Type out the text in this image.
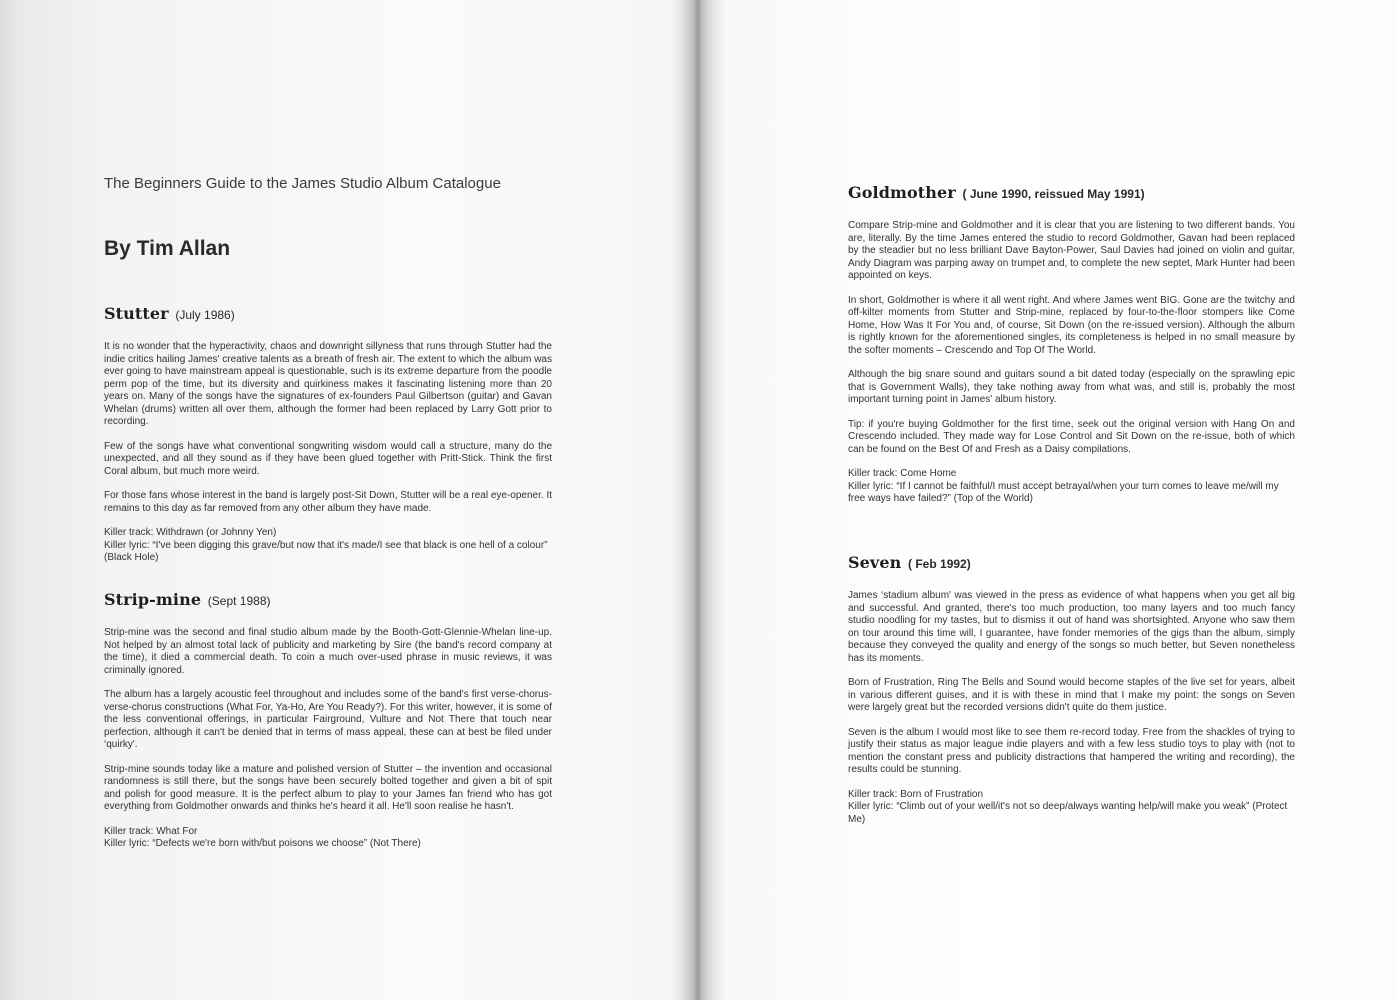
The Beginners Guide to the James Studio Album Catalogue
By Tim Allan
Stutter (July 1986)

It is no wonder that the hyperactivity, chaos and downright sillyness that runs through Stutter had the indie critics hailing James' creative talents as a breath of fresh air. The extent to which the album was ever going to have mainstream appeal is questionable, such is its extreme departure from the poodle perm pop of the time, but its diversity and quirkiness makes it fascinating listening more than 20 years on. Many of the songs have the signatures of ex-founders Paul Gilbertson (guitar) and Gavan Whelan (drums) written all over them, although the former had been replaced by Larry Gott prior to recording.

Few of the songs have what conventional songwriting wisdom would call a structure, many do the unexpected, and all they sound as if they have been glued together with Pritt-Stick. Think the first Coral album, but much more weird.

For those fans whose interest in the band is largely post-Sit Down, Stutter will be a real eye-opener. It remains to this day as far removed from any other album they have made.

Killer track: Withdrawn (or Johnny Yen)
Killer lyric: “I've been digging this grave/but now that it's made/I see that black is one hell of a colour” (Black Hole)

Strip-mine (Sept 1988)

Strip-mine was the second and final studio album made by the Booth-Gott-Glennie-Whelan line-up. Not helped by an almost total lack of publicity and marketing by Sire (the band's record company at the time), it died a commercial death. To coin a much over-used phrase in music reviews, it was criminally ignored.

The album has a largely acoustic feel throughout and includes some of the band's first verse-chorus-verse-chorus constructions (What For, Ya-Ho, Are You Ready?). For this writer, however, it is some of the less conventional offerings, in particular Fairground, Vulture and Not There that touch near perfection, although it can't be denied that in terms of mass appeal, these can at best be filed under ‘quirky'.

Strip-mine sounds today like a mature and polished version of Stutter – the invention and occasional randomness is still there, but the songs have been securely bolted together and given a bit of spit and polish for good measure. It is the perfect album to play to your James fan friend who has got everything from Goldmother onwards and thinks he's heard it all. He'll soon realise he hasn't.

Killer track: What For
Killer lyric: “Defects we're born with/but poisons we choose” (Not There)

Goldmother ( June 1990, reissued May 1991)

Compare Strip-mine and Goldmother and it is clear that you are listening to two different bands. You are, literally. By the time James entered the studio to record Goldmother, Gavan had been replaced by the steadier but no less brilliant Dave Bayton-Power, Saul Davies had joined on violin and guitar, Andy Diagram was parping away on trumpet and, to complete the new septet, Mark Hunter had been appointed on keys.

In short, Goldmother is where it all went right. And where James went BIG. Gone are the twitchy and off-kilter moments from Stutter and Strip-mine, replaced by four-to-the-floor stompers like Come Home, How Was It For You and, of course, Sit Down (on the re-issued version). Although the album is rightly known for the aforementioned singles, its completeness is helped in no small measure by the softer moments – Crescendo and Top Of The World.

Although the big snare sound and guitars sound a bit dated today (especially on the sprawling epic that is Government Walls), they take nothing away from what was, and still is, probably the most important turning point in James' album history.

Tip: if you're buying Goldmother for the first time, seek out the original version with Hang On and Crescendo included. They made way for Lose Control and Sit Down on the re-issue, both of which can be found on the Best Of and Fresh as a Daisy compilations.

Killer track: Come Home
Killer lyric: “If I cannot be faithful/I must accept betrayal/when your turn comes to leave me/will my free ways have failed?” (Top of the World)

Seven ( Feb 1992)

James ‘stadium album' was viewed in the press as evidence of what happens when you get all big and successful. And granted, there's too much production, too many layers and too much fancy studio noodling for my tastes, but to dismiss it out of hand was shortsighted. Anyone who saw them on tour around this time will, I guarantee, have fonder memories of the gigs than the album, simply because they conveyed the quality and energy of the songs so much better, but Seven nonetheless has its moments.

Born of Frustration, Ring The Bells and Sound would become staples of the live set for years, albeit in various different guises, and it is with these in mind that I make my point: the songs on Seven were largely great but the recorded versions didn't quite do them justice.

Seven is the album I would most like to see them re-record today. Free from the shackles of trying to justify their status as major league indie players and with a few less studio toys to play with (not to mention the constant press and publicity distractions that hampered the writing and recording), the results could be stunning.

Killer track: Born of Frustration
Killer lyric: “Climb out of your well/it's not so deep/always wanting help/will make you weak” (Protect Me)
